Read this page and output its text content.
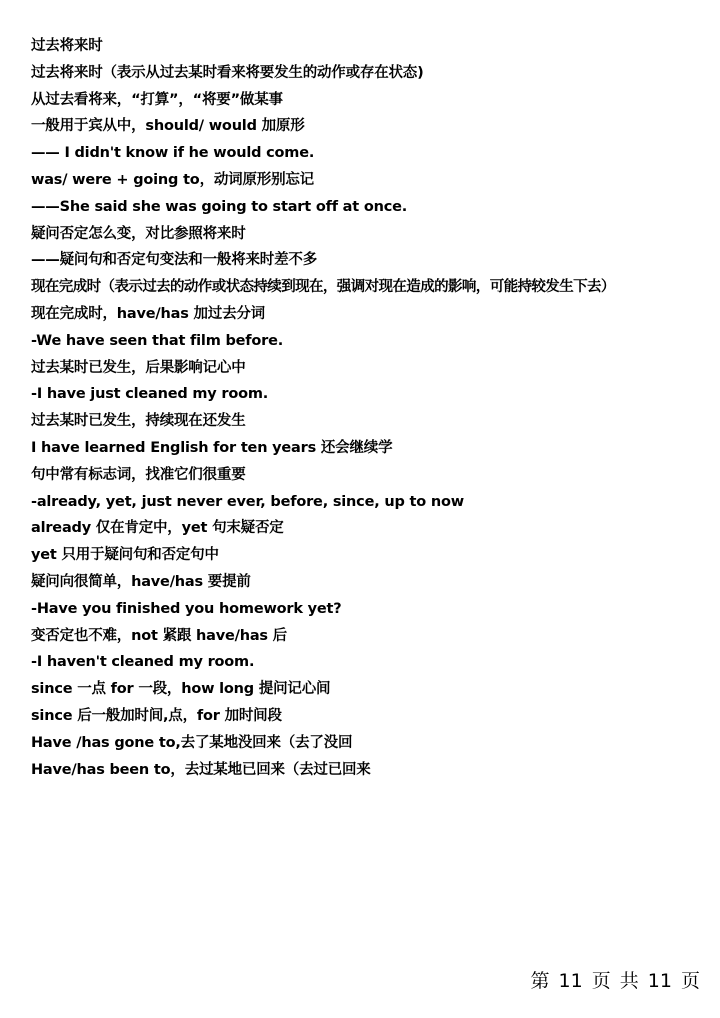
过去将来时
过去将来时（表示从过去某时看来将要发生的动作或存在状态)
从过去看将来，“打算”，“将要”做某事
一般用于宾从中，should/ would 加原形
—— I didn't know if he would come.
was/ were + going to，动词原形别忘记
——She said she was going to start off at once.
疑问否定怎么变，对比参照将来时
——疑问句和否定句变法和一般将来时差不多
现在完成时（表示过去的动作或状态持续到现在，强调对现在造成的影响，可能持较发生下去）
现在完成时，have/has 加过去分词
-We have seen that film before.
过去某时已发生，后果影响记心中
-I have just cleaned my room.
过去某时已发生，持续现在还发生
I have learned English for ten years 还会继续学
句中常有标志词，找准它们很重要
-already, yet, just never ever, before, since, up to now
already 仅在肯定中，yet 句末疑否定
yet 只用于疑问句和否定句中
疑问向很简单，have/has 要提前
-Have you finished you homework yet?
变否定也不难，not 紧跟 have/has 后
-I haven't cleaned my room.
since 一点 for 一段，how long 提问记心间
since 后一般加时间,点，for 加时间段
Have /has gone to,去了某地没回来（去了没回
Have/has been to，去过某地已回来（去过已回来
第 11 页 共 11 页
